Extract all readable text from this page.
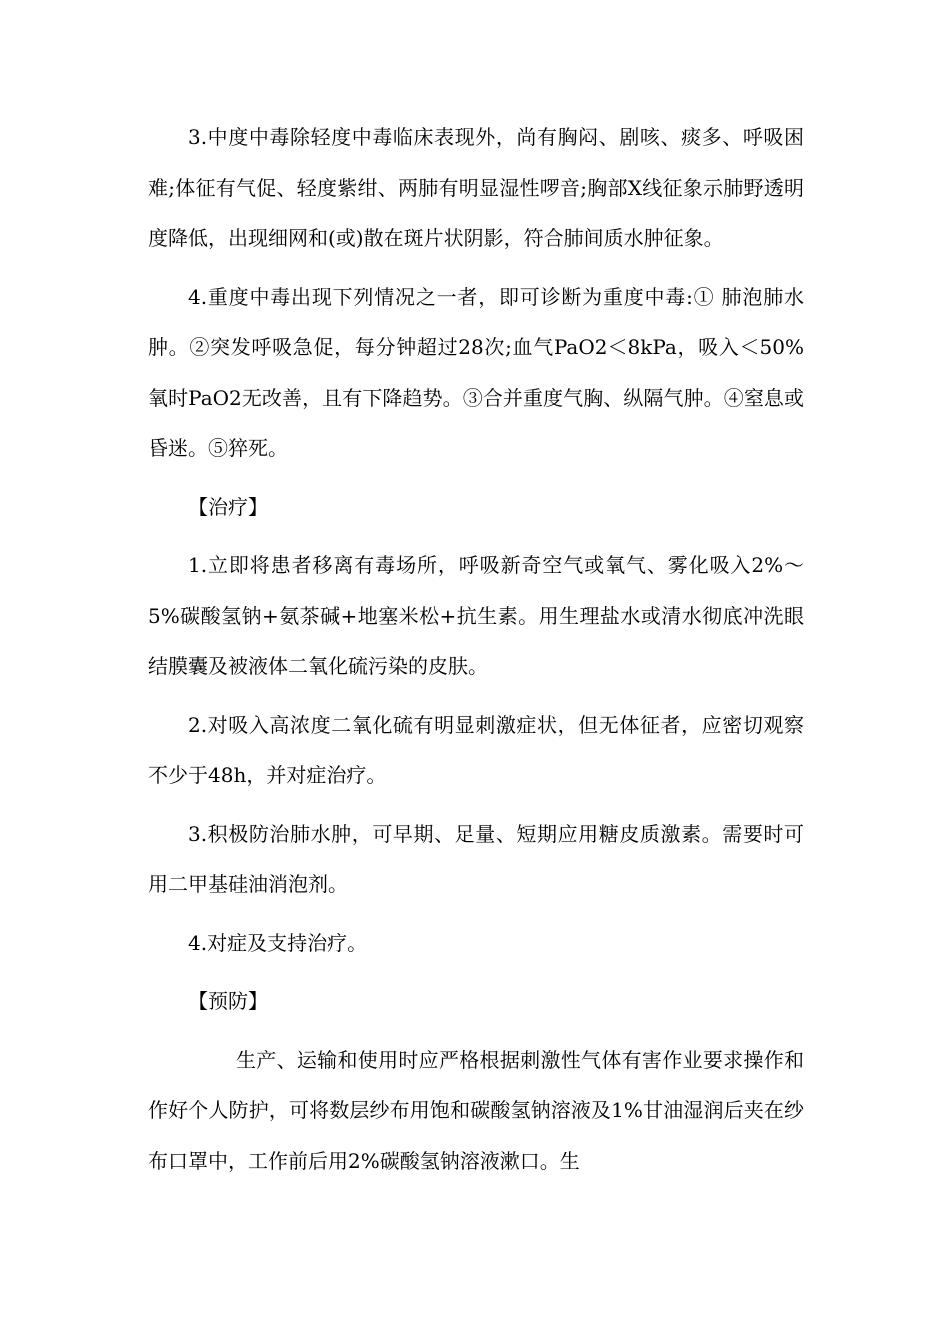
3.中度中毒除轻度中毒临床表现外，尚有胸闷、剧咳、痰多、呼吸困难;体征有气促、轻度紫绀、两肺有明显湿性啰音;胸部X线征象示肺野透明度降低，出现细网和(或)散在斑片状阴影，符合肺间质水肿征象。

4.重度中毒出现下列情况之一者，即可诊断为重度中毒:① 肺泡肺水肿。②突发呼吸急促，每分钟超过28次;血气PaO2＜8kPa，吸入＜50%氧时PaO2无改善，且有下降趋势。③合并重度气胸、纵隔气肿。④窒息或昏迷。⑤猝死。

【治疗】

1.立即将患者移离有毒场所，呼吸新奇空气或氧气、雾化吸入2%～5%碳酸氢钠+氨茶碱+地塞米松+抗生素。用生理盐水或清水彻底冲洗眼结膜囊及被液体二氧化硫污染的皮肤。

2.对吸入高浓度二氧化硫有明显刺激症状，但无体征者，应密切观察不少于48h，并对症治疗。

3.积极防治肺水肿，可早期、足量、短期应用糖皮质激素。需要时可用二甲基硅油消泡剂。

4.对症及支持治疗。

【预防】

生产、运输和使用时应严格根据刺激性气体有害作业要求操作和作好个人防护，可将数层纱布用饱和碳酸氢钠溶液及1%甘油湿润后夹在纱布口罩中，工作前后用2%碳酸氢钠溶液漱口。生
